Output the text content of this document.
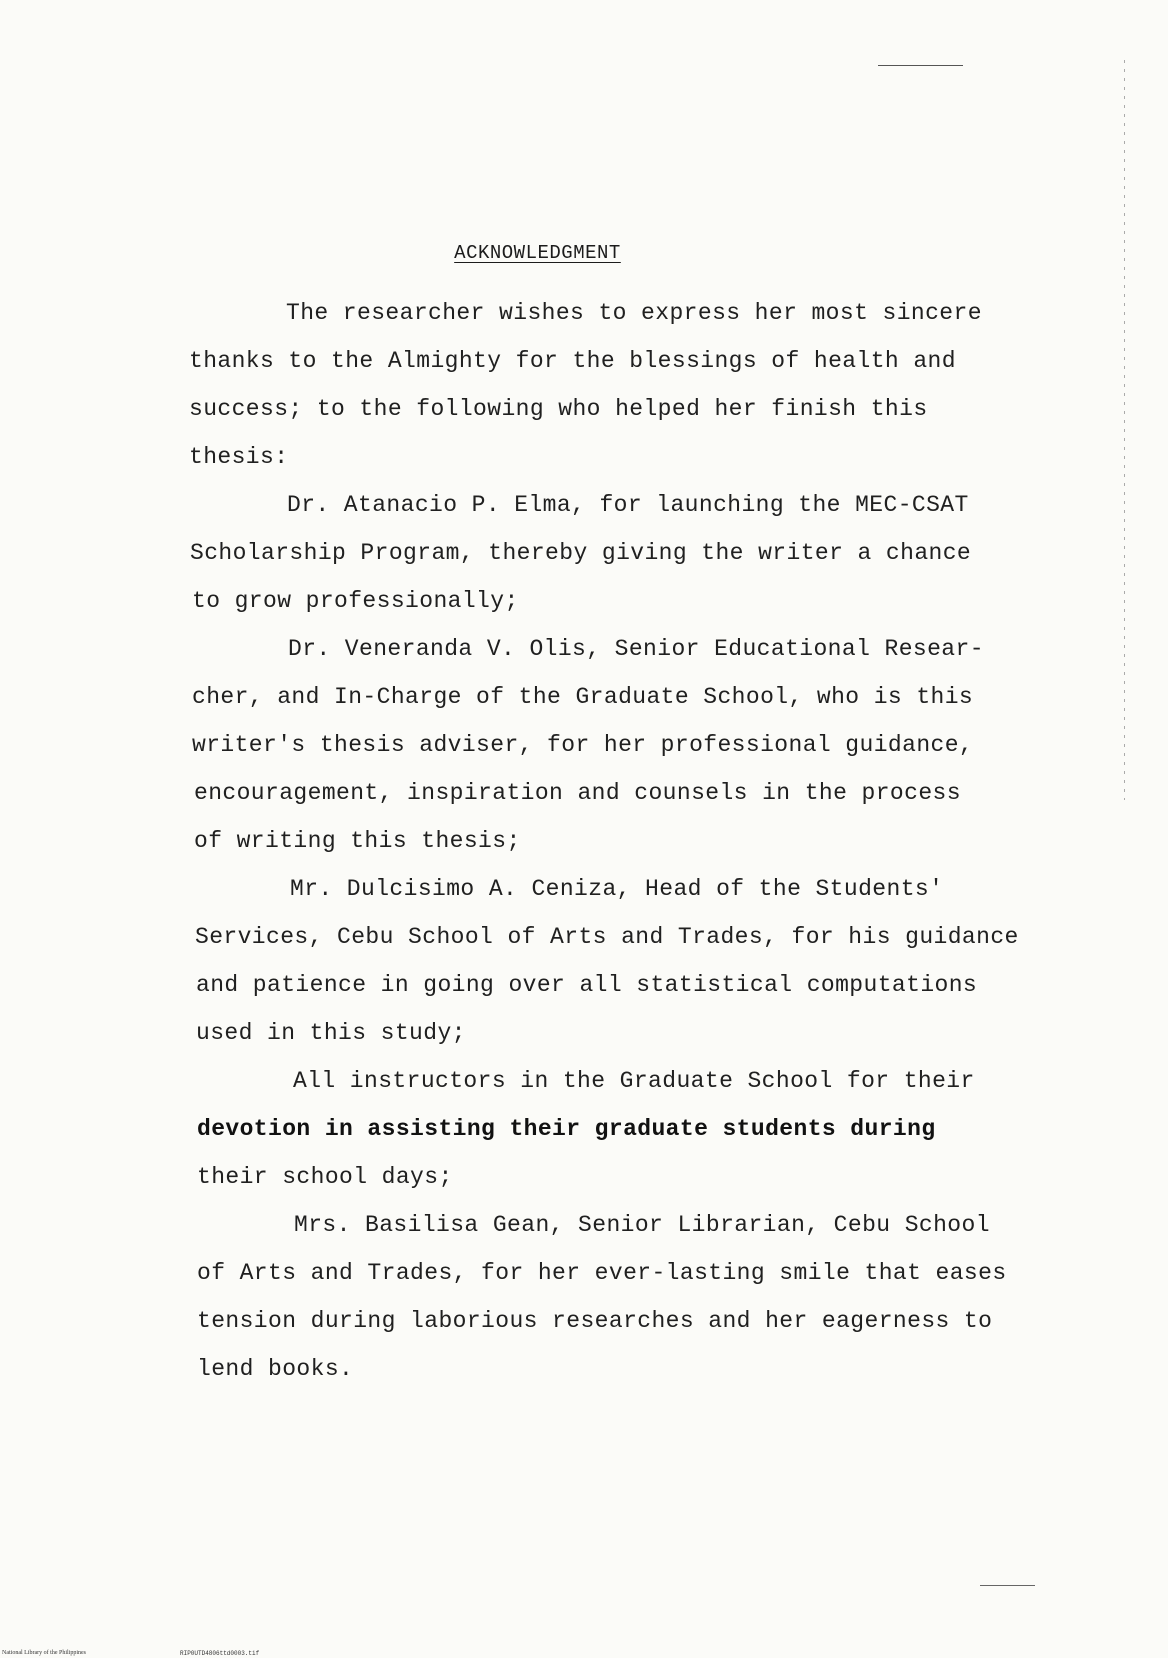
ACKNOWLEDGMENT
The researcher wishes to express her most sincere
thanks to the Almighty for the blessings of health and
success; to the following who helped her finish this
thesis:
Dr. Atanacio P. Elma, for launching the MEC-CSAT
Scholarship Program, thereby giving the writer a chance
to grow professionally;
Dr. Veneranda V. Olis, Senior Educational Resear-
cher, and In-Charge of the Graduate School, who is this
writer's thesis adviser, for her professional guidance,
encouragement, inspiration and counsels in the process
of writing this thesis;
Mr. Dulcisimo A. Ceniza, Head of the Students'
Services, Cebu School of Arts and Trades, for his guidance
and patience in going over all statistical computations
used in this study;
All instructors in the Graduate School for their
devotion in assisting their graduate students during
their school days;
Mrs. Basilisa Gean, Senior Librarian, Cebu School
of Arts and Trades, for her ever-lasting smile that eases
tension during laborious researches and her eagerness to
lend books.
National Library of the Philippines	RIP0UTD4806ttd0003.tif
